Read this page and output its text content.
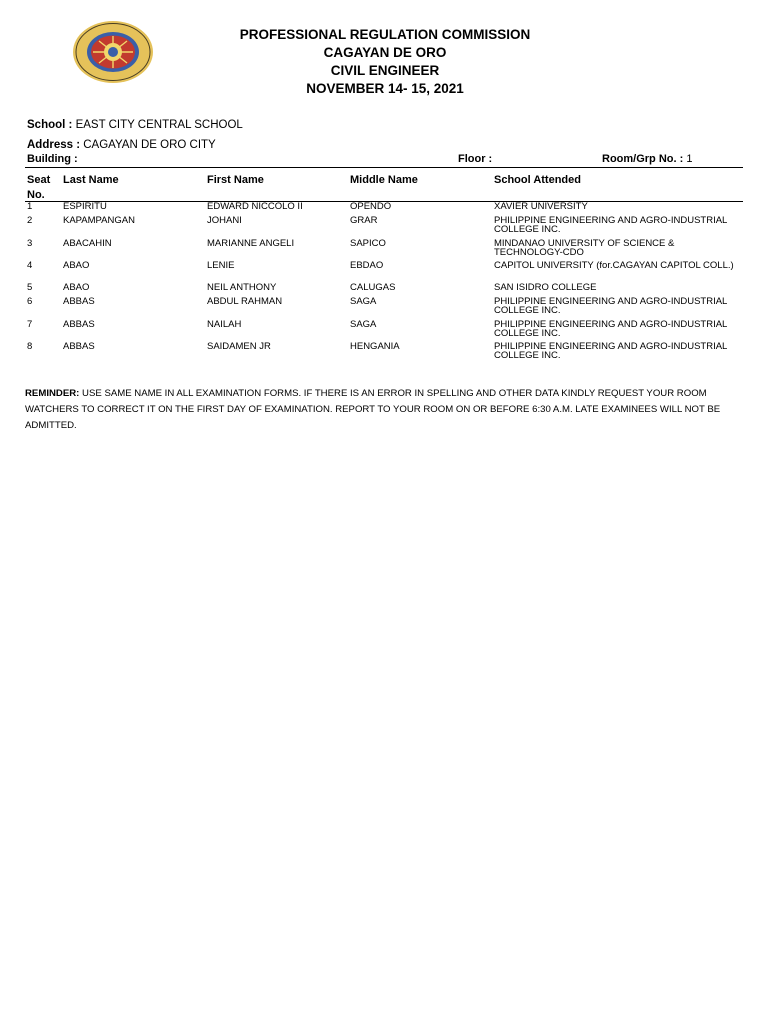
PROFESSIONAL REGULATION COMMISSION
CAGAYAN DE ORO
CIVIL ENGINEER
NOVEMBER 14- 15, 2021
School : EAST CITY CENTRAL SCHOOL
Address : CAGAYAN DE ORO CITY
Building :	Floor :	Room/Grp No. : 1
Seat
No.
Last Name	First Name	Middle Name	School Attended
1	ESPIRITU	EDWARD NICCOLO II	OPENDO	XAVIER UNIVERSITY
2	KAPAMPANGAN	JOHANI	GRAR	PHILIPPINE ENGINEERING AND AGRO-INDUSTRIAL COLLEGE INC.
3	ABACAHIN	MARIANNE ANGELI	SAPICO	MINDANAO UNIVERSITY OF SCIENCE & TECHNOLOGY-CDO
4	ABAO	LENIE	EBDAO	CAPITOL UNIVERSITY (for.CAGAYAN CAPITOL COLL.)
5	ABAO	NEIL ANTHONY	CALUGAS	SAN ISIDRO COLLEGE
6	ABBAS	ABDUL RAHMAN	SAGA	PHILIPPINE ENGINEERING AND AGRO-INDUSTRIAL COLLEGE INC.
7	ABBAS	NAILAH	SAGA	PHILIPPINE ENGINEERING AND AGRO-INDUSTRIAL COLLEGE INC.
8	ABBAS	SAIDAMEN JR	HENGANIA	PHILIPPINE ENGINEERING AND AGRO-INDUSTRIAL COLLEGE INC.
REMINDER: USE SAME NAME IN ALL EXAMINATION FORMS. IF THERE IS AN ERROR IN SPELLING AND OTHER DATA KINDLY REQUEST YOUR ROOM WATCHERS TO CORRECT IT ON THE FIRST DAY OF EXAMINATION. REPORT TO YOUR ROOM ON OR BEFORE 6:30 A.M. LATE EXAMINEES WILL NOT BE ADMITTED.
